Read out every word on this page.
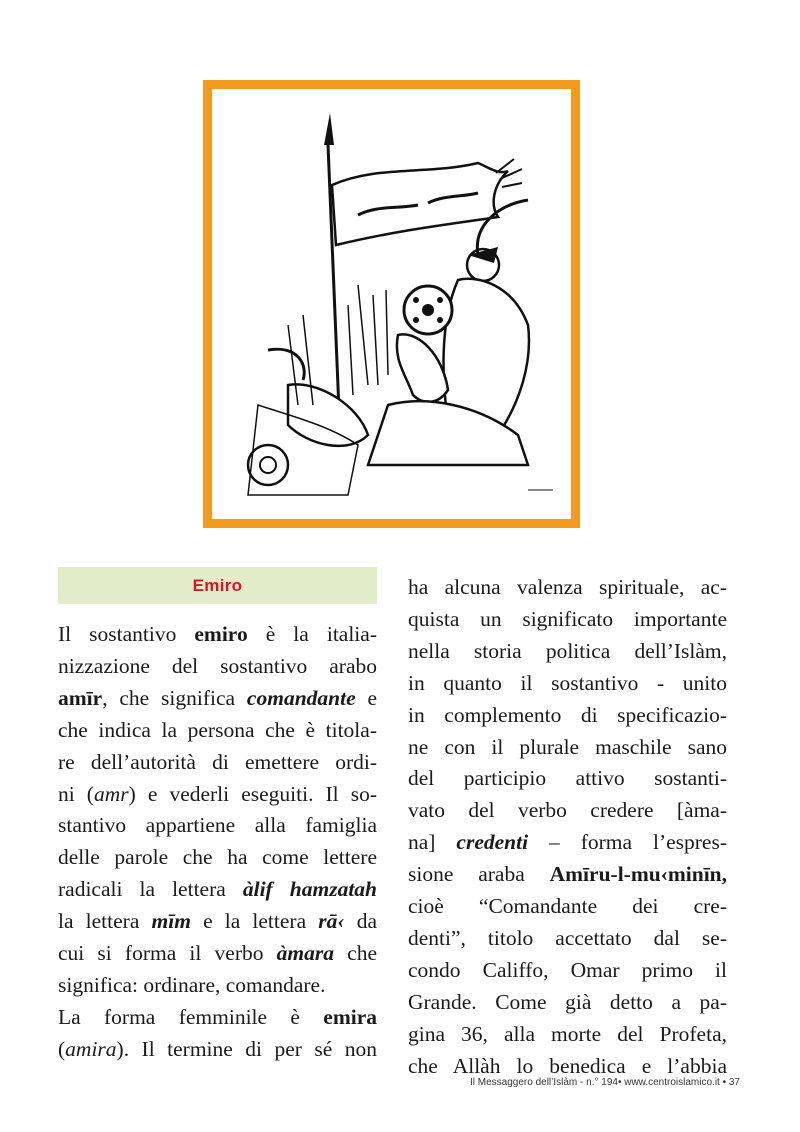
Emiro
Il sostantivo emiro è la italia-
nizzazione del sostantivo arabo
amīr, che significa comandante e
che indica la persona che è titola-
re dell’autorità di emettere ordi-
ni (amr) e vederli eseguiti. Il so-
stantivo appartiene alla famiglia
delle parole che ha come lettere
radicali la lettera àlif hamzatah
la lettera mīm e la lettera rā‹ da
cui si forma il verbo àmara che
significa: ordinare, comandare.
La forma femminile è emira
(amira). Il termine di per sé non
ha alcuna valenza spirituale, ac-
quista un significato importante
nella storia politica dell’Islàm,
in quanto il sostantivo - unito
in complemento di specificazio-
ne con il plurale maschile sano
del participio attivo sostanti-
vato del verbo credere [àma-
na] credenti – forma l’espres-
sione araba Amīru-l-mu‹minīn,
cioè “Comandante dei cre-
denti”, titolo accettato dal se-
condo Califfo, Omar primo il
Grande. Come già detto a pa-
gina 36, alla morte del Profeta,
che Allàh lo benedica e l’abbia
Il Messaggero dell’Islàm - n.° 194• www.centroislamico.it • 37
